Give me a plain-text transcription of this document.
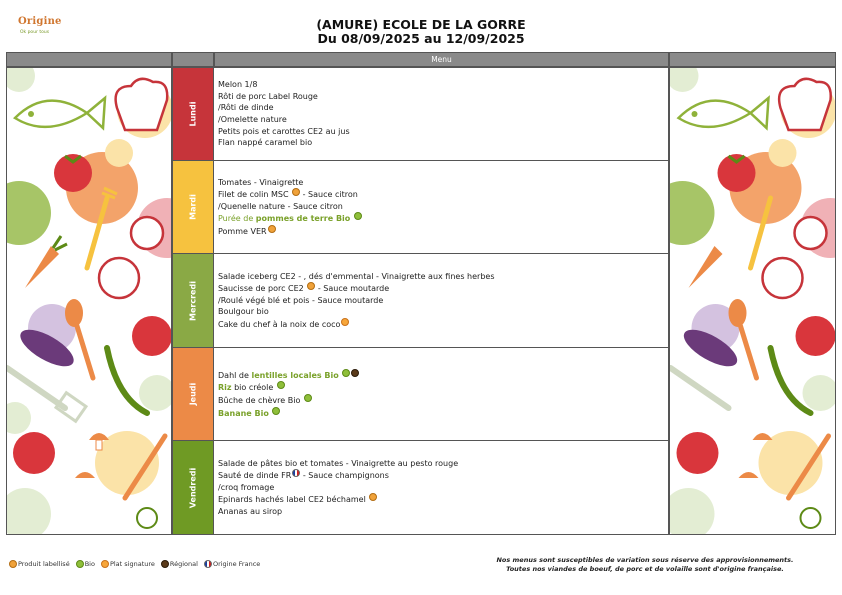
Origine
Ok pour tous
(AMURE) ECOLE DE LA GORRE
Du 08/09/2025 au 12/09/2025
Menu
Lundi
Melon 1/8
Rôti de porc Label Rouge
/Rôti de dinde
/Omelette nature
Petits pois et carottes CE2 au jus
Flan nappé caramel bio
Mardi
Tomates - Vinaigrette
Filet de colin MSC  - Sauce citron
/Quenelle nature - Sauce citron
Purée de pommes de terre Bio
Pomme VER
Mercredi
Salade iceberg CE2 - , dés d'emmental - Vinaigrette aux fines herbes
Saucisse de porc CE2  - Sauce moutarde
/Roulé végé blé et pois - Sauce moutarde
Boulgour bio
Cake du chef à la noix de coco
Jeudi
Dahl de lentilles locales Bio
Riz bio créole
Bûche de chèvre Bio
Banane Bio
Vendredi
Salade de pâtes bio et tomates - Vinaigrette au pesto rouge
Sauté de dinde FR - Sauce champignons
/croq fromage
Epinards hachés label CE2 béchamel
Ananas au sirop
Produit labellisé Bio Plat signature Régional Origine France	Nos menus sont susceptibles de variation sous réserve des approvisionnements.
Toutes nos viandes de boeuf, de porc et de volaille sont d'origine française.
